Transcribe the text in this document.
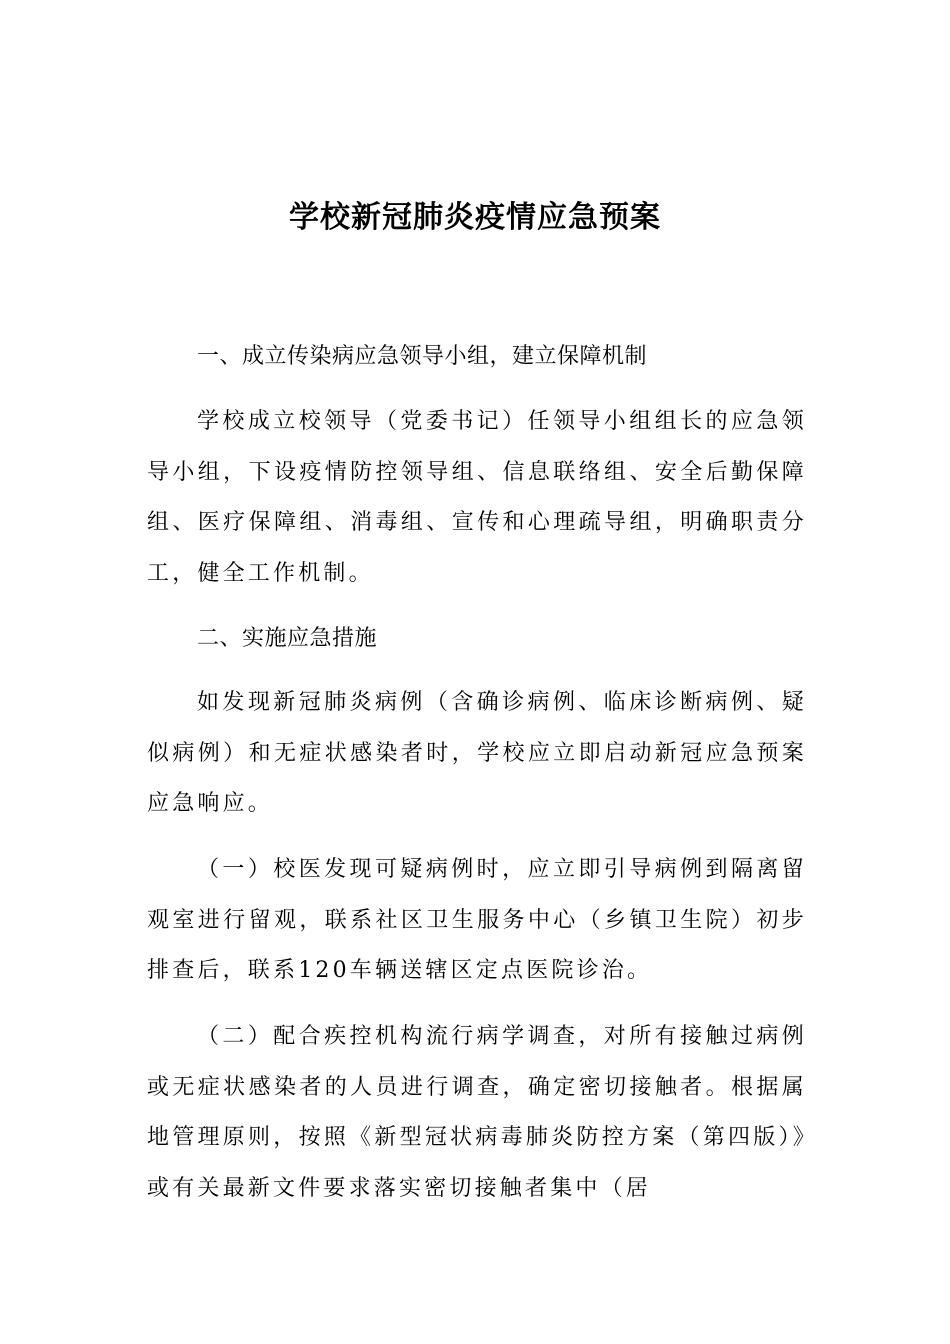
学校新冠肺炎疫情应急预案

一、成立传染病应急领导小组，建立保障机制

学校成立校领导（党委书记）任领导小组组长的应急领导小组，下设疫情防控领导组、信息联络组、安全后勤保障组、医疗保障组、消毒组、宣传和心理疏导组，明确职责分工，健全工作机制。

二、实施应急措施

如发现新冠肺炎病例（含确诊病例、临床诊断病例、疑似病例）和无症状感染者时，学校应立即启动新冠应急预案应急响应。

（一）校医发现可疑病例时，应立即引导病例到隔离留观室进行留观，联系社区卫生服务中心（乡镇卫生院）初步排查后，联系120车辆送辖区定点医院诊治。

（二）配合疾控机构流行病学调查，对所有接触过病例或无症状感染者的人员进行调查，确定密切接触者。根据属地管理原则，按照《新型冠状病毒肺炎防控方案（第四版）》或有关最新文件要求落实密切接触者集中（居
